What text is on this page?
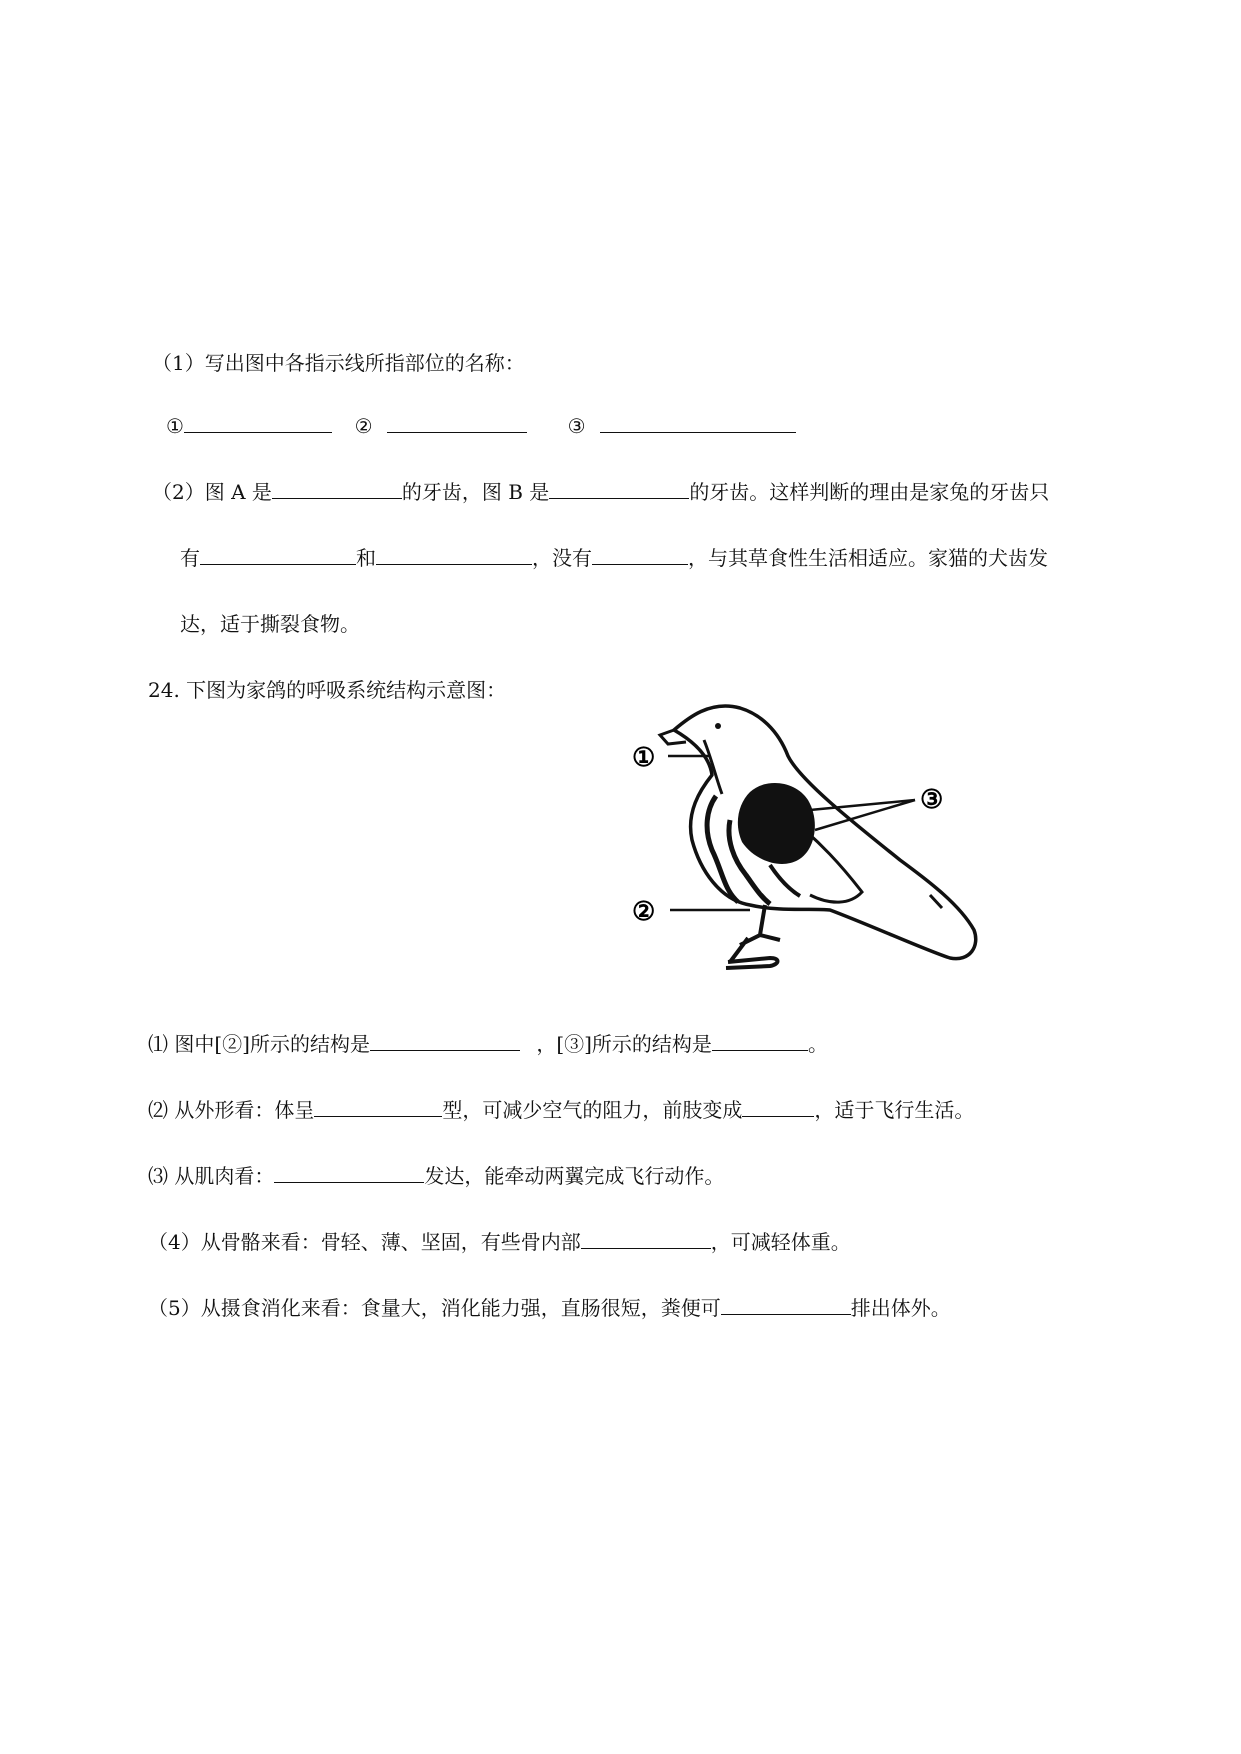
（1）写出图中各指示线所指部位的名称：
①	②	③
（2）图 A 是	的牙齿，图 B 是	的牙齿。这样判断的理由是家兔的牙齿只
有	和	，没有	，与其草食性生活相适应。家猫的犬齿发
达，适于撕裂食物。
24. 下图为家鸽的呼吸系统结构示意图：
①
②
③
⑴ 图中[②]所示的结构是	，[③]所示的结构是	。
⑵ 从外形看：体呈	型，可减少空气的阻力，前肢变成	，适于飞行生活。
⑶ 从肌肉看：	发达，能牵动两翼完成飞行动作。
（4）从骨骼来看：骨轻、薄、坚固，有些骨内部	，可减轻体重。
（5）从摄食消化来看：食量大，消化能力强，直肠很短，粪便可	排出体外。
